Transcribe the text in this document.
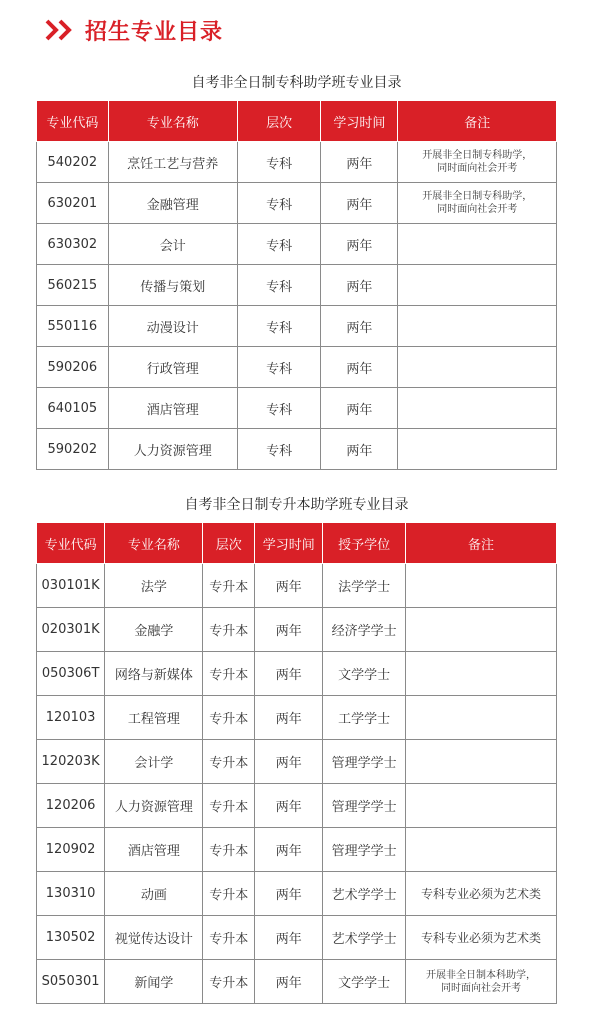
招生专业目录
自考非全日制专科助学班专业目录
专业代码	专业名称	层次	学习时间	备注
540202	烹饪工艺与营养	专科	两年	开展非全日制专科助学，
同时面向社会开考

630201	金融管理	专科	两年	开展非全日制专科助学，
同时面向社会开考

630302	会计	专科	两年	
560215	传播与策划	专科	两年	
550116	动漫设计	专科	两年	
590206	行政管理	专科	两年	
640105	酒店管理	专科	两年	
590202	人力资源管理	专科	两年	
自考非全日制专升本助学班专业目录
专业代码	专业名称	层次	学习时间	授予学位	备注
030101K	法学	专升本	两年	法学学士	
020301K	金融学	专升本	两年	经济学学士	
050306T	网络与新媒体	专升本	两年	文学学士	
120103	工程管理	专升本	两年	工学学士	
120203K	会计学	专升本	两年	管理学学士	
120206	人力资源管理	专升本	两年	管理学学士	
120902	酒店管理	专升本	两年	管理学学士	
130310	动画	专升本	两年	艺术学学士	专科专业必须为艺术类
130502	视觉传达设计	专升本	两年	艺术学学士	专科专业必须为艺术类
S050301	新闻学	专升本	两年	文学学士	开展非全日制本科助学，
同时面向社会开考
